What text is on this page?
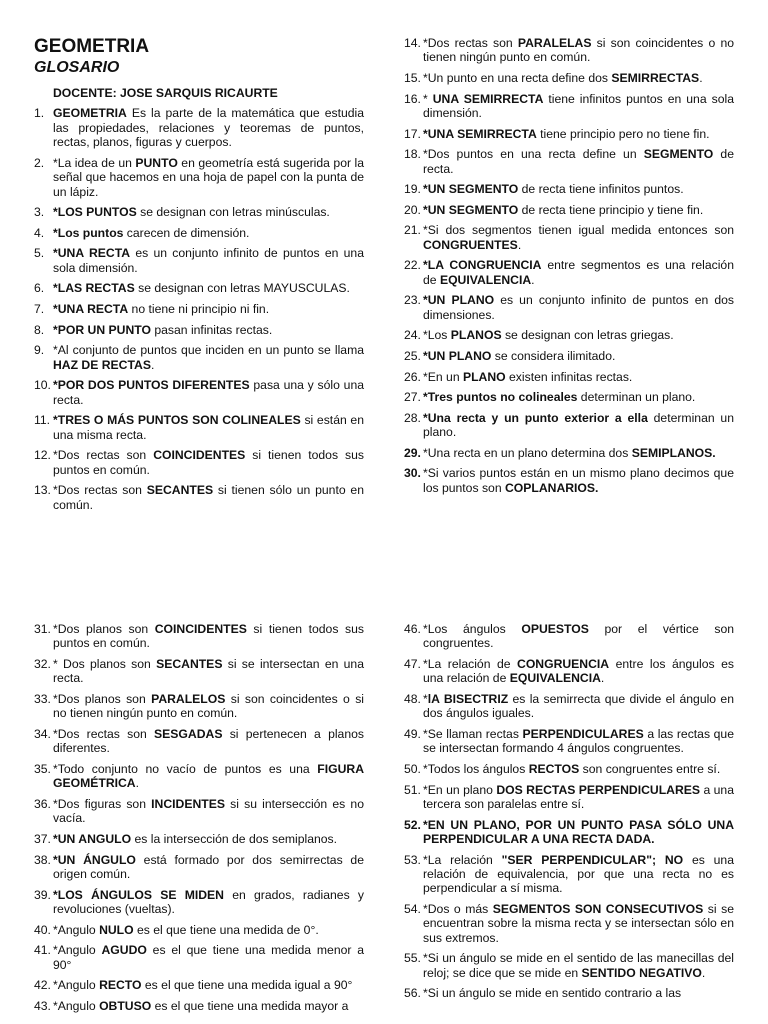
GEOMETRIA
GLOSARIO
DOCENTE: JOSE SARQUIS RICAURTE
1. GEOMETRIA Es la parte de la matemática que estudia las propiedades, relaciones y teoremas de puntos, rectas, planos, figuras y cuerpos.
2. *La idea de un PUNTO en geometría está sugerida por la señal que hacemos en una hoja de papel con la punta de un lápiz.
3. *LOS PUNTOS se designan con letras minúsculas.
4. *Los puntos carecen de dimensión.
5. *UNA RECTA es un conjunto infinito de puntos en una sola dimensión.
6. *LAS RECTAS se designan con letras MAYUSCULAS.
7. *UNA RECTA no tiene ni principio ni fin.
8. *POR UN PUNTO pasan infinitas rectas.
9. *Al conjunto de puntos que inciden en un punto se llama HAZ DE RECTAS.
10. *POR DOS PUNTOS DIFERENTES pasa una y sólo una recta.
11. *TRES O MÁS PUNTOS SON COLINEALES si están en una misma recta.
12. *Dos rectas son COINCIDENTES si tienen todos sus puntos en común.
13. *Dos rectas son SECANTES si tienen sólo un punto en común.
14. *Dos rectas son PARALELAS si son coincidentes o no tienen ningún punto en común.
15. *Un punto en una recta define dos SEMIRRECTAS.
16. * UNA SEMIRRECTA tiene infinitos puntos en una sola dimensión.
17. *UNA SEMIRRECTA tiene principio pero no tiene fin.
18. *Dos puntos en una recta define un SEGMENTO de recta.
19. *UN SEGMENTO de recta tiene infinitos puntos.
20. *UN SEGMENTO de recta tiene principio y tiene fin.
21. *Si dos segmentos tienen igual medida entonces son CONGRUENTES.
22. *LA CONGRUENCIA entre segmentos es una relación de EQUIVALENCIA.
23. *UN PLANO es un conjunto infinito de puntos en dos dimensiones.
24. *Los PLANOS se designan con letras griegas.
25. *UN PLANO se considera ilimitado.
26. *En un PLANO existen infinitas rectas.
27. *Tres puntos no colineales determinan un plano.
28. *Una recta y un punto exterior a ella determinan un plano.
29. *Una recta en un plano determina dos SEMIPLANOS.
30. *Si varios puntos están en un mismo plano decimos que los puntos son COPLANARIOS.
31. *Dos planos son COINCIDENTES si tienen todos sus puntos en común.
32. * Dos planos son SECANTES si se intersectan en una recta.
33. *Dos planos son PARALELOS si son coincidentes o si no tienen ningún punto en común.
34. *Dos rectas son SESGADAS si pertenecen a planos diferentes.
35. *Todo conjunto no vacío de puntos es una FIGURA GEOMÉTRICA.
36. *Dos figuras son INCIDENTES si su intersección es no vacía.
37. *UN ANGULO es la intersección de dos semiplanos.
38. *UN ÁNGULO está formado por dos semirrectas de origen común.
39. *LOS ÁNGULOS SE MIDEN en grados, radianes y revoluciones (vueltas).
40. *Angulo NULO es el que tiene una medida de 0°.
41. *Angulo AGUDO es el que tiene una medida menor a 90°
42. *Angulo RECTO es el que tiene una medida igual a 90°
43. *Angulo OBTUSO es el que tiene una medida mayor a
46. *Los ángulos OPUESTOS por el vértice son congruentes.
47. *La relación de CONGRUENCIA entre los ángulos es una relación de EQUIVALENCIA.
48. *lA BISECTRIZ es la semirrecta que divide el ángulo en dos ángulos iguales.
49. *Se llaman rectas PERPENDICULARES a las rectas que se intersectan formando 4 ángulos congruentes.
50. *Todos los ángulos RECTOS son congruentes entre sí.
51. *En un plano DOS RECTAS PERPENDICULARES a una tercera son paralelas entre sí.
52. *EN UN PLANO, POR UN PUNTO PASA SÓLO UNA PERPENDICULAR A UNA RECTA DADA.
53. *La relación "SER PERPENDICULAR"; NO es una relación de equivalencia, por que una recta no es perpendicular a sí misma.
54. *Dos o más SEGMENTOS SON CONSECUTIVOS si se encuentran sobre la misma recta y se intersectan sólo en sus extremos.
55. *Si un ángulo se mide en el sentido de las manecillas del reloj; se dice que se mide en SENTIDO NEGATIVO.
56. *Si un ángulo se mide en sentido contrario a las
